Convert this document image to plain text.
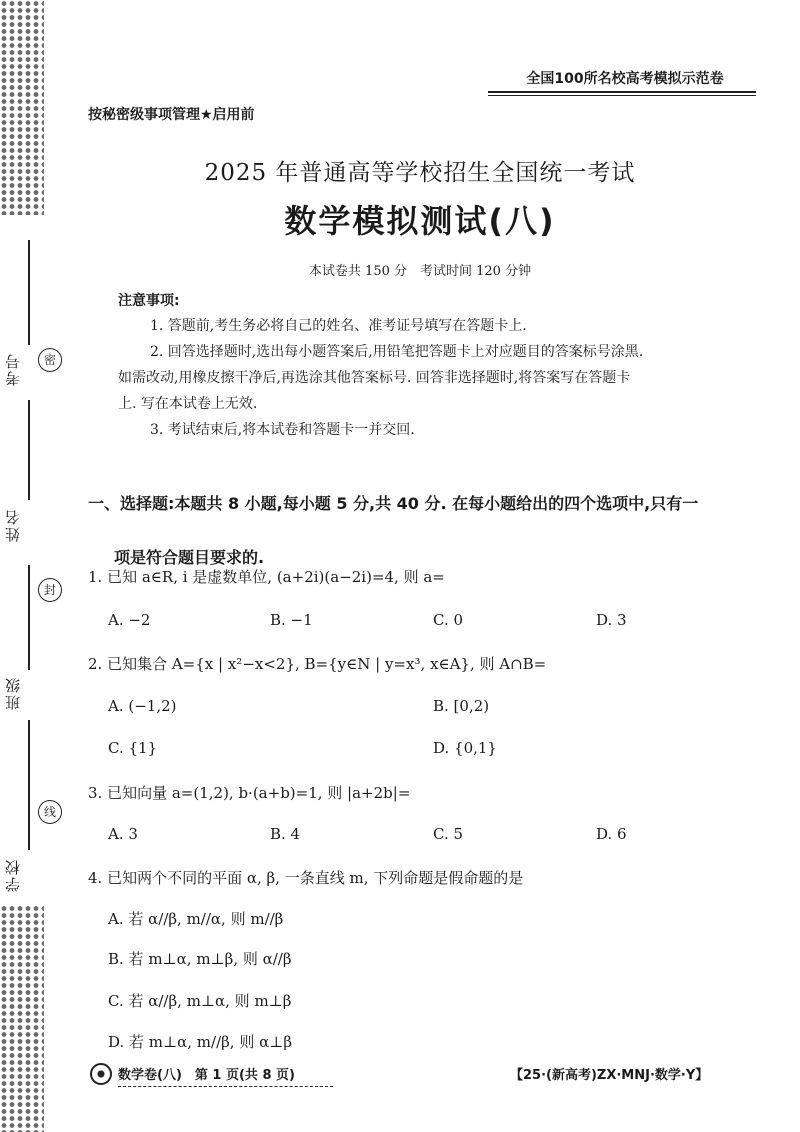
考号
姓名
班级
学校
密
封
线
全国100所名校高考模拟示范卷
按秘密级事项管理★启用前
2025 年普通高等学校招生全国统一考试
数学模拟测试(八)
本试卷共 150 分　考试时间 120 分钟
注意事项:

1. 答题前,考生务必将自己的姓名、准考证号填写在答题卡上.

2. 回答选择题时,选出每小题答案后,用铅笔把答题卡上对应题目的答案标号涂黑.

如需改动,用橡皮擦干净后,再选涂其他答案标号. 回答非选择题时,将答案写在答题卡

上. 写在本试卷上无效.

3. 考试结束后,将本试卷和答题卡一并交回.

一、选择题:本题共 8 小题,每小题 5 分,共 40 分. 在每小题给出的四个选项中,只有一
项是符合题目要求的.
1. 已知 a∈R, i 是虚数单位, (a+2i)(a−2i)=4, 则 a=
A. −2	B. −1	C. 0	D. 3
2. 已知集合 A={x | x²−x<2}, B={y∈N | y=x³, x∈A}, 则 A∩B=
A. (−1,2)	B. [0,2)
C. {1}	D. {0,1}
3. 已知向量 a=(1,2), b·(a+b)=1, 则 |a+2b|=
A. 3	B. 4	C. 5	D. 6
4. 已知两个不同的平面 α, β, 一条直线 m, 下列命题是假命题的是
A. 若 α//β, m//α, 则 m//β
B. 若 m⊥α, m⊥β, 则 α//β
C. 若 α//β, m⊥α, 则 m⊥β
D. 若 m⊥α, m//β, 则 α⊥β
数学卷(八)　第 1 页(共 8 页)	【25·(新高考)ZX·MNJ·数学·Y】
